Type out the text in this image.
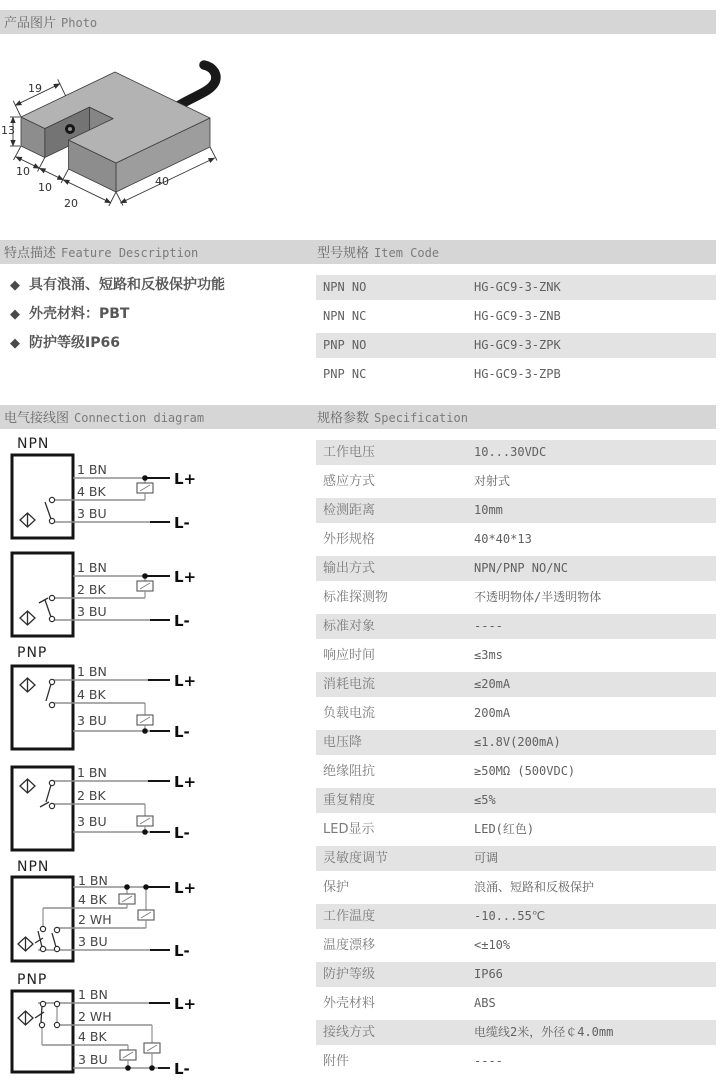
产品图片 Photo
19
13
10
10
20
40
特点描述 Feature Description	型号规格 Item Code
◆ 具有浪涌、短路和反极保护功能
◆ 外壳材料：PBT
◆ 防护等级IP66
NPN NO	HG-GC9-3-ZNK
NPN NC	HG-GC9-3-ZNB
PNP NO	HG-GC9-3-ZPK
PNP NC	HG-GC9-3-ZPB
电气接线图 Connection diagram	规格参数 Specification
工作电压	10...30VDC
感应方式	对射式
检测距离	10mm
外形规格	40*40*13
输出方式	NPN/PNP NO/NC
标准探测物	不透明物体/半透明物体
标准对象	----
响应时间	≤3ms
消耗电流	≤20mA
负载电流	200mA
电压降	≤1.8V(200mA)
绝缘阻抗	≥50MΩ (500VDC)
重复精度	≤5%
LED显示	LED(红色)
灵敏度调节	可调
保护	浪涌、短路和反极保护
工作温度	-10...55℃
温度漂移	<±10%
防护等级	IP66
外壳材料	ABS
接线方式	电缆线2米，外径￠4.0mm
附件	----
NPN
1 BN
4 BK
3 BU
L+
L-
1 BN
2 BK
3 BU
L+
L-
PNP
1 BN
4 BK
3 BU
L+
L-
1 BN
2 BK
3 BU
L+
L-
NPN
1 BN
4 BK
2 WH
3 BU
L+
L-
PNP
1 BN
2 WH
4 BK
3 BU
L+
L-
